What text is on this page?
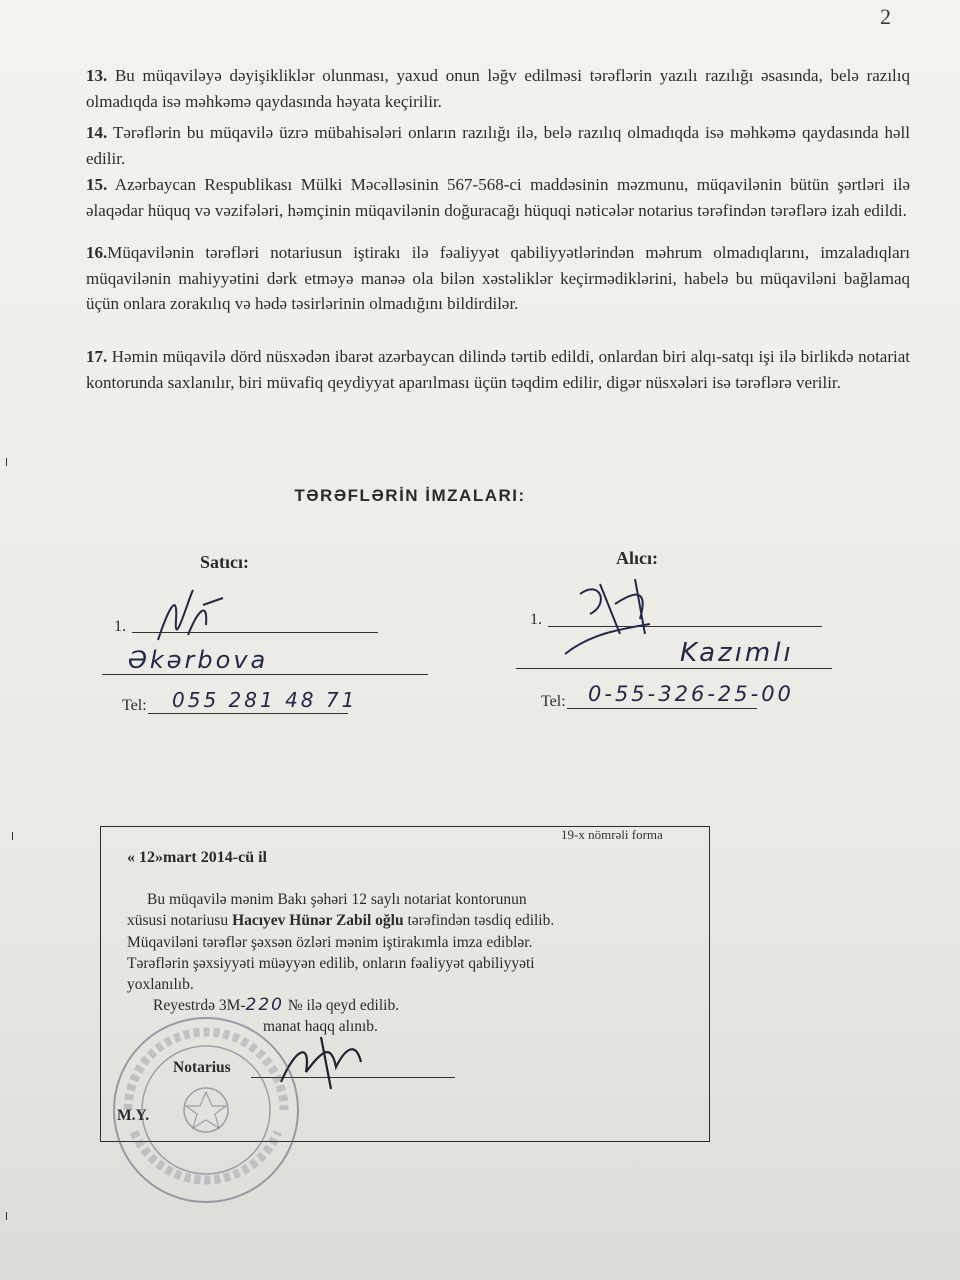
2
13. Bu müqaviləyə dəyişikliklər olunması, yaxud onun ləğv edilməsi tərəflərin yazılı razılığı əsasında, belə razılıq olmadıqda isə məhkəmə qaydasında həyata keçirilir.
14. Tərəflərin bu müqavilə üzrə mübahisələri onların razılığı ilə, belə razılıq olmadıqda isə məhkəmə qaydasında həll edilir.
15. Azərbaycan Respublikası Mülki Məcəlləsinin 567-568-ci maddəsinin məzmunu, müqavilənin bütün şərtləri ilə əlaqədar hüquq və vəzifələri, həmçinin müqavilənin doğuracağı hüquqi nəticələr notarius tərəfindən tərəflərə izah edildi.
16.Müqavilənin tərəfləri notariusun iştirakı ilə fəaliyyət qabiliyyətlərindən məhrum olmadıqlarını, imzaladıqları müqavilənin mahiyyətini dərk etməyə manəə ola bilən xəstəliklər keçirmədiklərini, habelə bu müqaviləni bağlamaq üçün onlara zorakılıq və hədə təsirlərinin olmadığını bildirdilər.
17. Həmin müqavilə dörd nüsxədən ibarət azərbaycan dilində tərtib edildi, onlardan biri alqı-satqı işi ilə birlikdə notariat kontorunda saxlanılır, biri müvafiq qeydiyyat aparılması üçün təqdim edilir, digər nüsxələri isə tərəflərə verilir.
TƏRƏFLƏRİN İMZALARI:
Satıcı:	Alıcı:
1.
Əkərbova
Tel: 055 281 48 71
1.
Kazımlı
Tel: 0-55-326-25-00
19-x nömrəli forma
« 12»mart 2014-cü il
Bu müqavilə mənim Bakı şəhəri 12 saylı notariat kontorunun
xüsusi notariusu Hacıyev Hünər Zabil oğlu tərəfindən təsdiq edilib.
Müqaviləni tərəflər şəxsən özləri mənim iştirakımla imza ediblər.
Tərəflərin şəxsiyyəti müəyyən edilib, onların fəaliyyət qabiliyyəti
yoxlanılıb.
Reyestrdə 3M-220 № ilə qeyd edilib.
manat haqq alınıb.
Notarius
M.Y.
